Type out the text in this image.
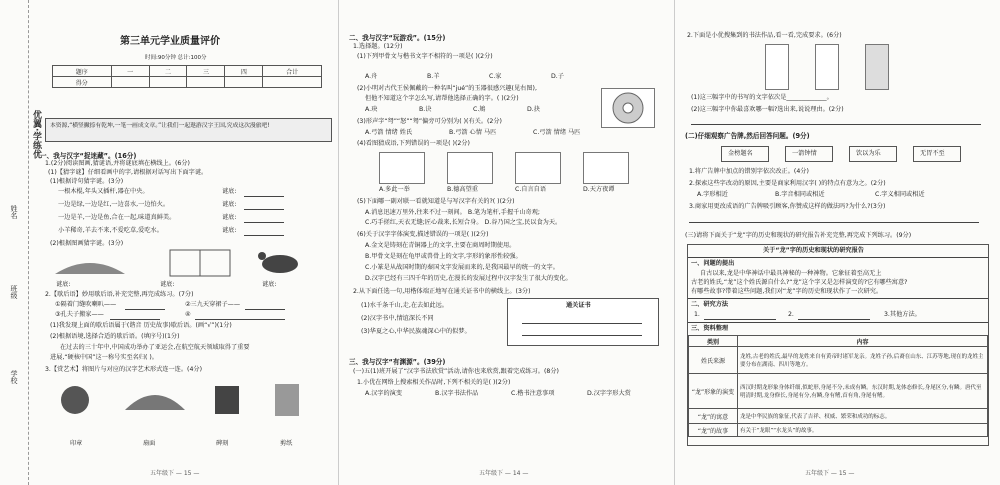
姓名
班级
学校
优翼·学练优
第三单元学业质量评价
时间:90分钟 总计:100分
题序	一	二	三	四	合计
得分					
本资源,“横竖撇捺有乾坤,一笔一画成文章。”让我们一起遨游汉字王国,究成这次漫旅吧!
一、我与汉字“捉迷藏”。(16分)
1.(2分)阅读图画,猜谜语,并将谜底填在横线上。(6分)
(1)【猜字谜】仔细看画中的字,请根据对话写出下面字谜。
(1)根据诗句猜字谜。(3分)
一根木棍,年头又插杆,器在中央。	谜底:
一边是绿,一边是红,一边喜水,一边怕火。	谜底:
一边是羊,一边是鱼,合在一起,味道真鲜美。	谜底:
小羊稀奇,羊去不来,不爱吃草,爱吃水。	谜底:
(2)根据图画猜字谜。(3分)
谜底:	谜底:	谜底:
2.【歇后语】妙用歇后语,补充完整,再完成练习。(7分)
①隔着门缝吹喇叭——	②三九天穿裙子——
③孔夫子搬家——	④
(1)我发现上面的歇后语属于(谐音 历史故事)歇后语。(画“√”)(1分)
(2)根据语境,选择合适的歇后语。(填序号)(1分)
在过去的三十年中,中国成功举办了亚运会,在航空航天领域取得了重要
进展,“硬核中国”这一称号实至名归( )。
3.【赏艺术】将图片与对应的汉字艺术形式连一连。(4分)
印章	扇面	碑刻	剪纸
五年级下 — 15 —
二、我与汉字“玩游戏”。(15分)
1.选择题。(12分)
(1)下列甲骨文与楷书文字不相符的一项是( )(2分)
A.舟	B.羊	C.家	D.子
(2)小明对古代王侯佩戴的一种名叫“jué”的玉器很感兴趣(见右图),
但他不知道这个字怎么写,请帮他选择正确的字。( )(2分)
A.玦	B.诀	C.鴂	D.抉
(3)形声字“弩”“怒”“驽”偏旁可分别为( )(有关。(2分)
A.弓箭 情绪 姓氏	B.弓箭 心情 马匹	C.弓箭 情绪 马匹
(4)看图猜成语,下列错误的一项是( )(2分)
A.多此一举	B.德高望重	C.自言自语	D.天方夜谭
(5)下面哪一副对联一看就知道是与写汉字有关的?( )(2分)
A.消息迅速万里外,往来不过一刻间。 B.笔为笔杆,手握千山奇观;
C.巧手搓红,天衣无缝;匠心裁来,长短合身。 D.谷乃国之宝,民以食为天。
(6)关于汉字字体演变,描述错误的一项是( )(2分)
A.金文是铸刻在青铜器上的文字,主要在商周时期使用。
B.甲骨文是刻在龟甲或兽骨上的文字,字形的象形性较强。
C.小篆是从战国时期的秦国文字发展而来的,是我国最早的统一的文字。
D.汉字已经有三四千年的历史,在漫长的发展过程中汉字发生了很大的变化。
2.从下面任选一句,用楷体端正地写在通关证书中的横线上。(3分)
(1)水千条千山,走,在去如此远。
(2)汉字书中,情谊深长不同
(3)华夏之心,中华民族魂深心中的似梦。
通关证书
三、我与汉字“有渊源”。(39分)
(一)五(1)班开展了“汉字书法欣赏”活动,请你也来欣赏,跟着完成练习。(8分)
1.小优在网络上搜索相关作品时,下列不相关的是( )(2分)
A.汉字的演变	B.汉字书法作品	C.楷书注意事项	D.汉字字形大赏
五年级下 — 14 —
2.下面是小优搜集到的书法作品,看一看,完成要求。(6分)
(1)这三幅字中的书写的文字依次是_____________。
(2)这三幅字中你最喜欢哪一幅?选出来,说说理由。(2分)
(二)仔细观察广告牌,然后回答问题。(9分)
金榜题名	一箭钟情	饮以为乐	无胃不至
1.将广告牌中加点的错别字依次改正。(4分)
2.探索这些字改动的原因,主要是商家利用汉字( )的特点有意为之。(2分)
A.字形相近	B.字音相同或相近	C.字义相同或相近
3.商家用更改成语的广告牌吸引顾客,你赞成这样的做法吗?为什么?(3分)
(三)请将下面关于“龙”字的历史和现状的研究报告补充完整,再完成下列练习。(9分)
关于“龙”字的历史和现状的研究报告
一、问题的提出
自古以来,龙是中华神话中最具神秘的一种神物。它象征着至高无上
古老的姓氏,“龙”这个姓氏源自什么?“龙”这个字又是怎样演变的?它有哪些寓意?
有哪些故事?带着这些问题,我们对“龙”字的历史和现状作了一次研究。
二、研究方法
1.	2.	3.其他方法。
三、资料整理
类别	内容
姓氏来源	龙姓,古老的姓氏,最早的龙姓来自有黄帝时诸军龙亲。龙姓子孙,后裔在山东、江苏等地,现在的龙姓主要分布在湖南、四川等地方。
“龙”形象的演变	西汉时期龙形象身体纤细,似蛇形,身尾不分,未成有鳞。东汉时期,龙体态修长,身尾区分,有鳞。唐代至明清时期,龙身修长,身尾有分,有鳞,身有鳍,首有角,身尾有鳍。
“龙”的寓意	龙是中华民族的象征,代表了吉祥、权威、繁荣和成功的标志。
“龙”的故事	有关于“龙眼”“水龙头”的故事。
五年级下 — 15 —
